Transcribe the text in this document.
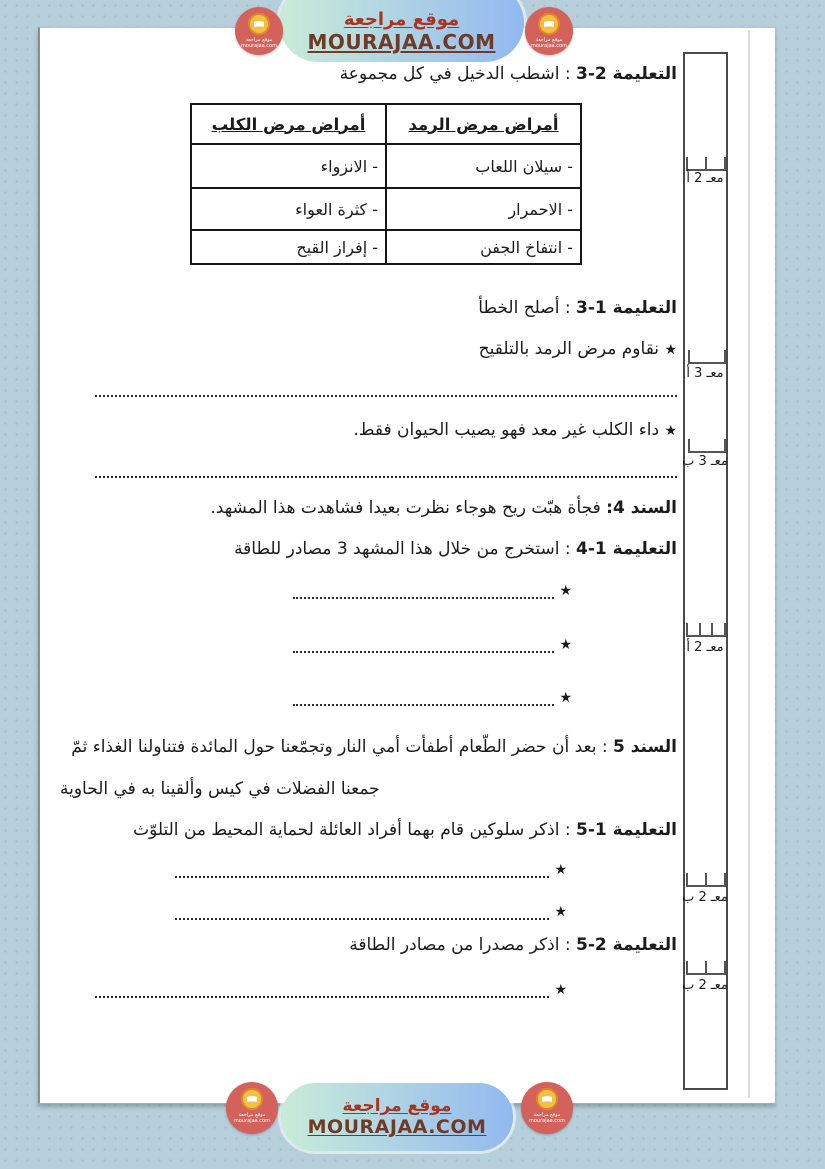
التعليمة 2-3 : اشطب الدخيل في كل مجموعة
أمراض مرض الرمد	أمراض مرض الكلب
- سيلان اللعاب	- الانزواء
- الاحمرار	- كثرة العواء
- انتفاخ الجفن	- إفراز القيح
التعليمة 1-3 : أصلح الخطأ
★ نقاوم مرض الرمد بالتلقيح
★ داء الكلب غير معد فهو يصيب الحيوان فقط.
السند 4: فجأة هبّت ريح هوجاء نظرت بعيدا فشاهدت هذا المشهد.
التعليمة 1-4 : استخرج من خلال هذا المشهد 3 مصادر للطاقة
★
★
★
السند 5 : بعد أن حضر الطّعام أطفأت أمي النار وتجمّعنا حول المائدة فتناولنا الغذاء ثمّ
جمعنا الفضلات في كيس وألقينا به في الحاوية
التعليمة 1-5 : اذكر سلوكين قام بهما أفراد العائلة لحماية المحيط من التلوّث
★
★
التعليمة 2-5 : اذكر مصدرا من مصادر الطاقة
★
معـ 2 أ
معـ 3 أ
معـ 3 ب
معـ 2 أ
معـ 2 ب
معـ 2 ب
موقع مراجعة
MOURAJAA.COM
موقع مراجعة
mourajaa.com
موقع مراجعة
mourajaa.com
موقع مراجعة
MOURAJAA.COM
موقع مراجعة
mourajaa.com
موقع مراجعة
mourajaa.com
